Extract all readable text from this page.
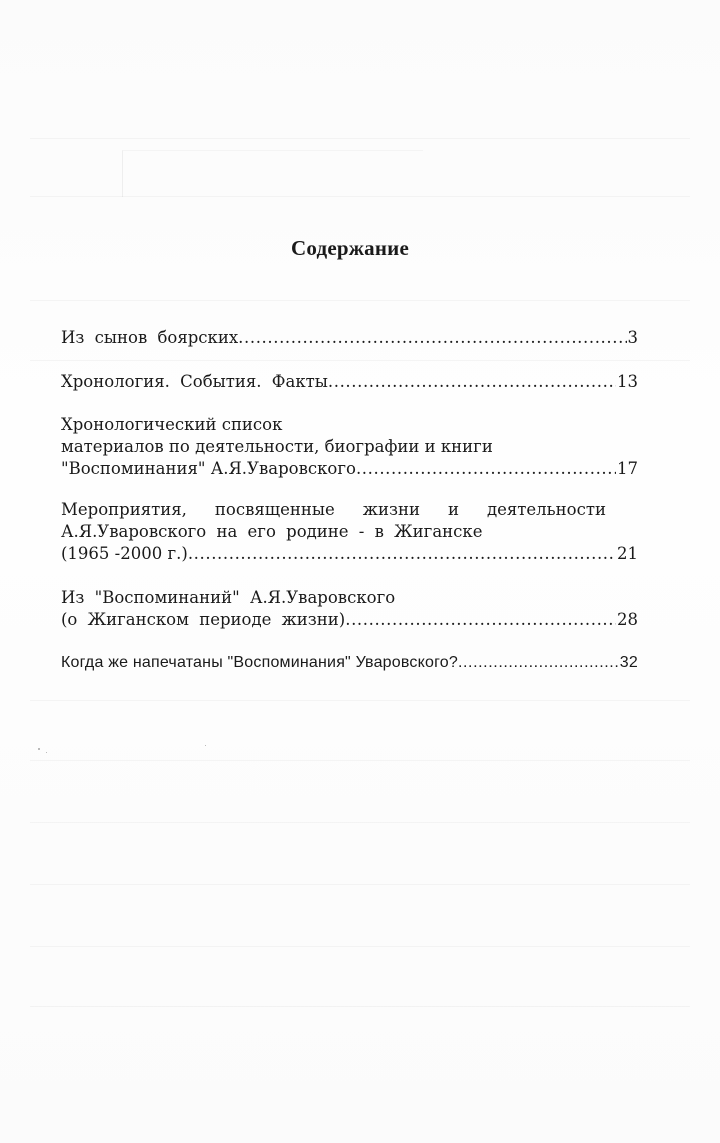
Содержание
Из сынов боярских .....	3
Хронология. События. Факты .....	13
Хронологический список
материалов по деятельности, биографии и книги
"Воспоминания" А.Я.Уваровского .....	17
Мероприятия, посвященные жизни и деятельности
А.Я.Уваровского на его родине - в Жиганске
(1965 -2000 г.) .....	21
Из "Воспоминаний" А.Я.Уваровского
(о Жиганском периоде жизни) .....	28
Когда же напечатаны "Воспоминания" Уваровского? .....	32
